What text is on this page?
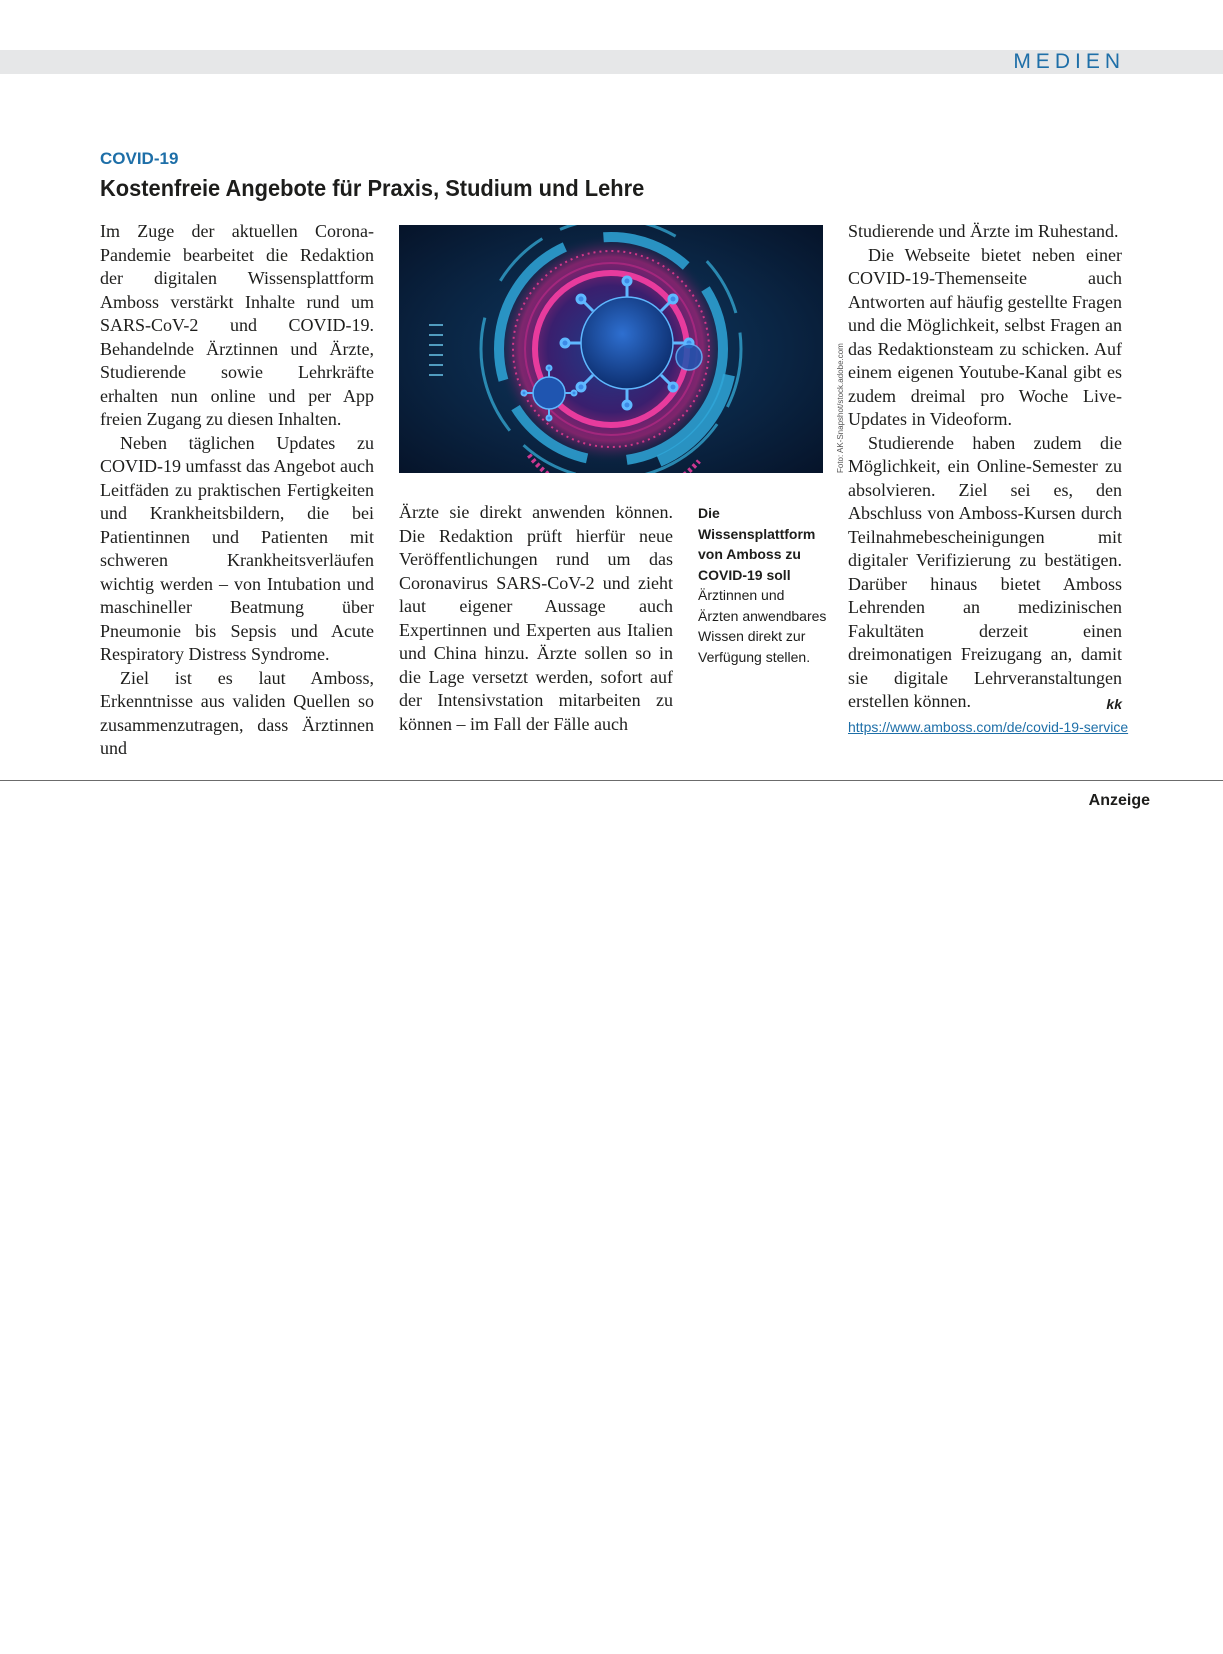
MEDIEN
COVID-19
Kostenfreie Angebote für Praxis, Studium und Lehre

Im Zuge der aktuellen Corona-Pandemie bearbeitet die Redaktion der digitalen Wissensplattform Amboss verstärkt Inhalte rund um SARS-CoV-2 und COVID-19. Behandelnde Ärztinnen und Ärzte, Studierende sowie Lehrkräfte erhalten nun online und per App freien Zugang zu diesen Inhalten.

Neben täglichen Updates zu COVID-19 umfasst das Angebot auch Leitfäden zu praktischen Fertigkeiten und Krankheitsbildern, die bei Patientinnen und Patienten mit schweren Krankheitsverläufen wichtig werden – von Intubation und maschineller Beatmung über Pneumonie bis Sepsis und Acute Respiratory Distress Syndrome.

Ziel ist es laut Amboss, Erkenntnisse aus validen Quellen so zusammenzutragen, dass Ärztinnen und

Foto: AK-Snapshot/stock.adobe.com

Ärzte sie direkt anwenden können. Die Redaktion prüft hierfür neue Veröffentlichungen rund um das Coronavirus SARS-CoV-2 und zieht laut eigener Aussage auch Expertinnen und Experten aus Italien und China hinzu. Ärzte sollen so in die Lage versetzt werden, sofort auf der Intensivstation mitarbeiten zu können – im Fall der Fälle auch

Die Wissensplattform von Amboss zu COVID-19 soll Ärztinnen und Ärzten anwendbares Wissen direkt zur Verfügung stellen.

Studierende und Ärzte im Ruhestand.

Die Webseite bietet neben einer COVID-19-Themenseite auch Antworten auf häufig gestellte Fragen und die Möglichkeit, selbst Fragen an das Redaktionsteam zu schicken. Auf einem eigenen Youtube-Kanal gibt es zudem dreimal pro Woche Live-Updates in Videoform.

Studierende haben zudem die Möglichkeit, ein Online-Semester zu absolvieren. Ziel sei es, den Abschluss von Amboss-Kursen durch Teilnahmebescheinigungen mit digitaler Verifizierung zu bestätigen. Darüber hinaus bietet Amboss Lehrenden an medizinischen Fakultäten derzeit einen dreimonatigen Freizugang an, damit sie digitale Lehrveranstaltungen erstellen können.	kk

https://www.amboss.com/de/covid-19-service
Anzeige
